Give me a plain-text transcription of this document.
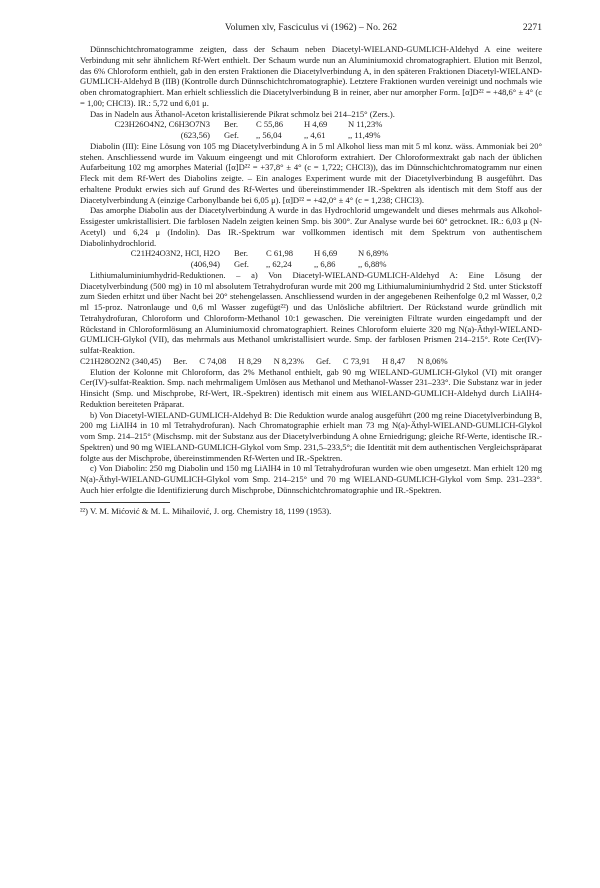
Volumen xlv, Fasciculus vi (1962) – No. 262	2271

Dünnschichtchromatogramme zeigten, dass der Schaum neben Diacetyl-WIELAND-GUMLICH-Aldehyd A eine weitere Verbindung mit sehr ähnlichem Rf-Wert enthielt. Der Schaum wurde nun an Aluminiumoxid chromatographiert. Elution mit Benzol, das 6% Chloroform enthielt, gab in den ersten Fraktionen die Diacetylverbindung A, in den späteren Fraktionen Diacetyl-WIELAND-GUMLICH-Aldehyd B (IIB) (Kontrolle durch Dünnschichtchromatographie). Letztere Fraktionen wurden vereinigt und nochmals wie oben chromatographiert. Man erhielt schliesslich die Diacetylverbindung B in reiner, aber nur amorpher Form. [α]D²² = +48,6° ± 4° (c = 1,00; CHCl3). IR.: 5,72 und 6,01 μ.

Das in Nadeln aus Äthanol-Aceton kristallisierende Pikrat schmolz bei 214–215° (Zers.).

C23H26O4N2, C6H3O7N3	Ber.	C 55,86	H 4,69	N 11,23%
(623,56)	Gef.	,, 56,04	,, 4,61	,, 11,49%

Diabolin (III): Eine Lösung von 105 mg Diacetylverbindung A in 5 ml Alkohol liess man mit 5 ml konz. wäss. Ammoniak bei 20° stehen. Anschliessend wurde im Vakuum eingeengt und mit Chloroform extrahiert. Der Chloroformextrakt gab nach der üblichen Aufarbeitung 102 mg amorphes Material ([α]D²² = +37,8° ± 4° (c = 1,722; CHCl3)), das im Dünnschichtchromatogramm nur einen Fleck mit dem Rf-Wert des Diabolins zeigte. – Ein analoges Experiment wurde mit der Diacetylverbindung B ausgeführt. Das erhaltene Produkt erwies sich auf Grund des Rf-Wertes und übereinstimmender IR.-Spektren als identisch mit dem Stoff aus der Diacetylverbindung A (einzige Carbonylbande bei 6,05 μ). [α]D²² = +42,0° ± 4° (c = 1,238; CHCl3).

Das amorphe Diabolin aus der Diacetylverbindung A wurde in das Hydrochlorid umgewandelt und dieses mehrmals aus Alkohol-Essigester umkristallisiert. Die farblosen Nadeln zeigten keinen Smp. bis 300°. Zur Analyse wurde bei 60° getrocknet. IR.: 6,03 μ (N-Acetyl) und 6,24 μ (Indolin). Das IR.-Spektrum war vollkommen identisch mit dem Spektrum von authentischem Diabolinhydrochlorid.

C21H24O3N2, HCl, H2O	Ber.	C 61,98	H 6,69	N 6,89%
(406,94)	Gef.	,, 62,24	,, 6,86	,, 6,88%

Lithiumaluminiumhydrid-Reduktionen. – a) Von Diacetyl-WIELAND-GUMLICH-Aldehyd A: Eine Lösung der Diacetylverbindung (500 mg) in 10 ml absolutem Tetrahydrofuran wurde mit 200 mg Lithiumaluminiumhydrid 2 Std. unter Stickstoff zum Sieden erhitzt und über Nacht bei 20° stehengelassen. Anschliessend wurden in der angegebenen Reihenfolge 0,2 ml Wasser, 0,2 ml 15-proz. Natronlauge und 0,6 ml Wasser zugefügt²²) und das Unlösliche abfiltriert. Der Rückstand wurde gründlich mit Tetrahydrofuran, Chloroform und Chloroform-Methanol 10:1 gewaschen. Die vereinigten Filtrate wurden eingedampft und der Rückstand in Chloroformlösung an Aluminiumoxid chromatographiert. Reines Chloroform eluierte 320 mg N(a)-Äthyl-WIELAND-GUMLICH-Glykol (VII), das mehrmals aus Methanol umkristallisiert wurde. Smp. der farblosen Prismen 214–215°. Rote Cer(IV)-sulfat-Reaktion.

C21H28O2N2 (340,45) Ber. C 74,08 H 8,29 N 8,23% Gef. C 73,91 H 8,47 N 8,06%

Elution der Kolonne mit Chloroform, das 2% Methanol enthielt, gab 90 mg WIELAND-GUMLICH-Glykol (VI) mit oranger Cer(IV)-sulfat-Reaktion. Smp. nach mehrmaligem Umlösen aus Methanol und Methanol-Wasser 231–233°. Die Substanz war in jeder Hinsicht (Smp. und Mischprobe, Rf-Wert, IR.-Spektren) identisch mit einem aus WIELAND-GUMLICH-Aldehyd durch LiAlH4-Reduktion bereiteten Präparat.

b) Von Diacetyl-WIELAND-GUMLICH-Aldehyd B: Die Reduktion wurde analog ausgeführt (200 mg reine Diacetylverbindung B, 200 mg LiAlH4 in 10 ml Tetrahydrofuran). Nach Chromatographie erhielt man 73 mg N(a)-Äthyl-WIELAND-GUMLICH-Glykol vom Smp. 214–215° (Mischsmp. mit der Substanz aus der Diacetylverbindung A ohne Erniedrigung; gleiche Rf-Werte, identische IR.-Spektren) und 90 mg WIELAND-GUMLICH-Glykol vom Smp. 231,5–233,5°; die Identität mit dem authentischen Vergleichspräparat folgte aus der Mischprobe, übereinstimmenden Rf-Werten und IR.-Spektren.

c) Von Diabolin: 250 mg Diabolin und 150 mg LiAlH4 in 10 ml Tetrahydrofuran wurden wie oben umgesetzt. Man erhielt 120 mg N(a)-Äthyl-WIELAND-GUMLICH-Glykol vom Smp. 214–215° und 70 mg WIELAND-GUMLICH-Glykol vom Smp. 231–233°. Auch hier erfolgte die Identifizierung durch Mischprobe, Dünnschichtchromatographie und IR.-Spektren.

²²) V. M. Mićović & M. L. Mihailović, J. org. Chemistry 18, 1199 (1953).
